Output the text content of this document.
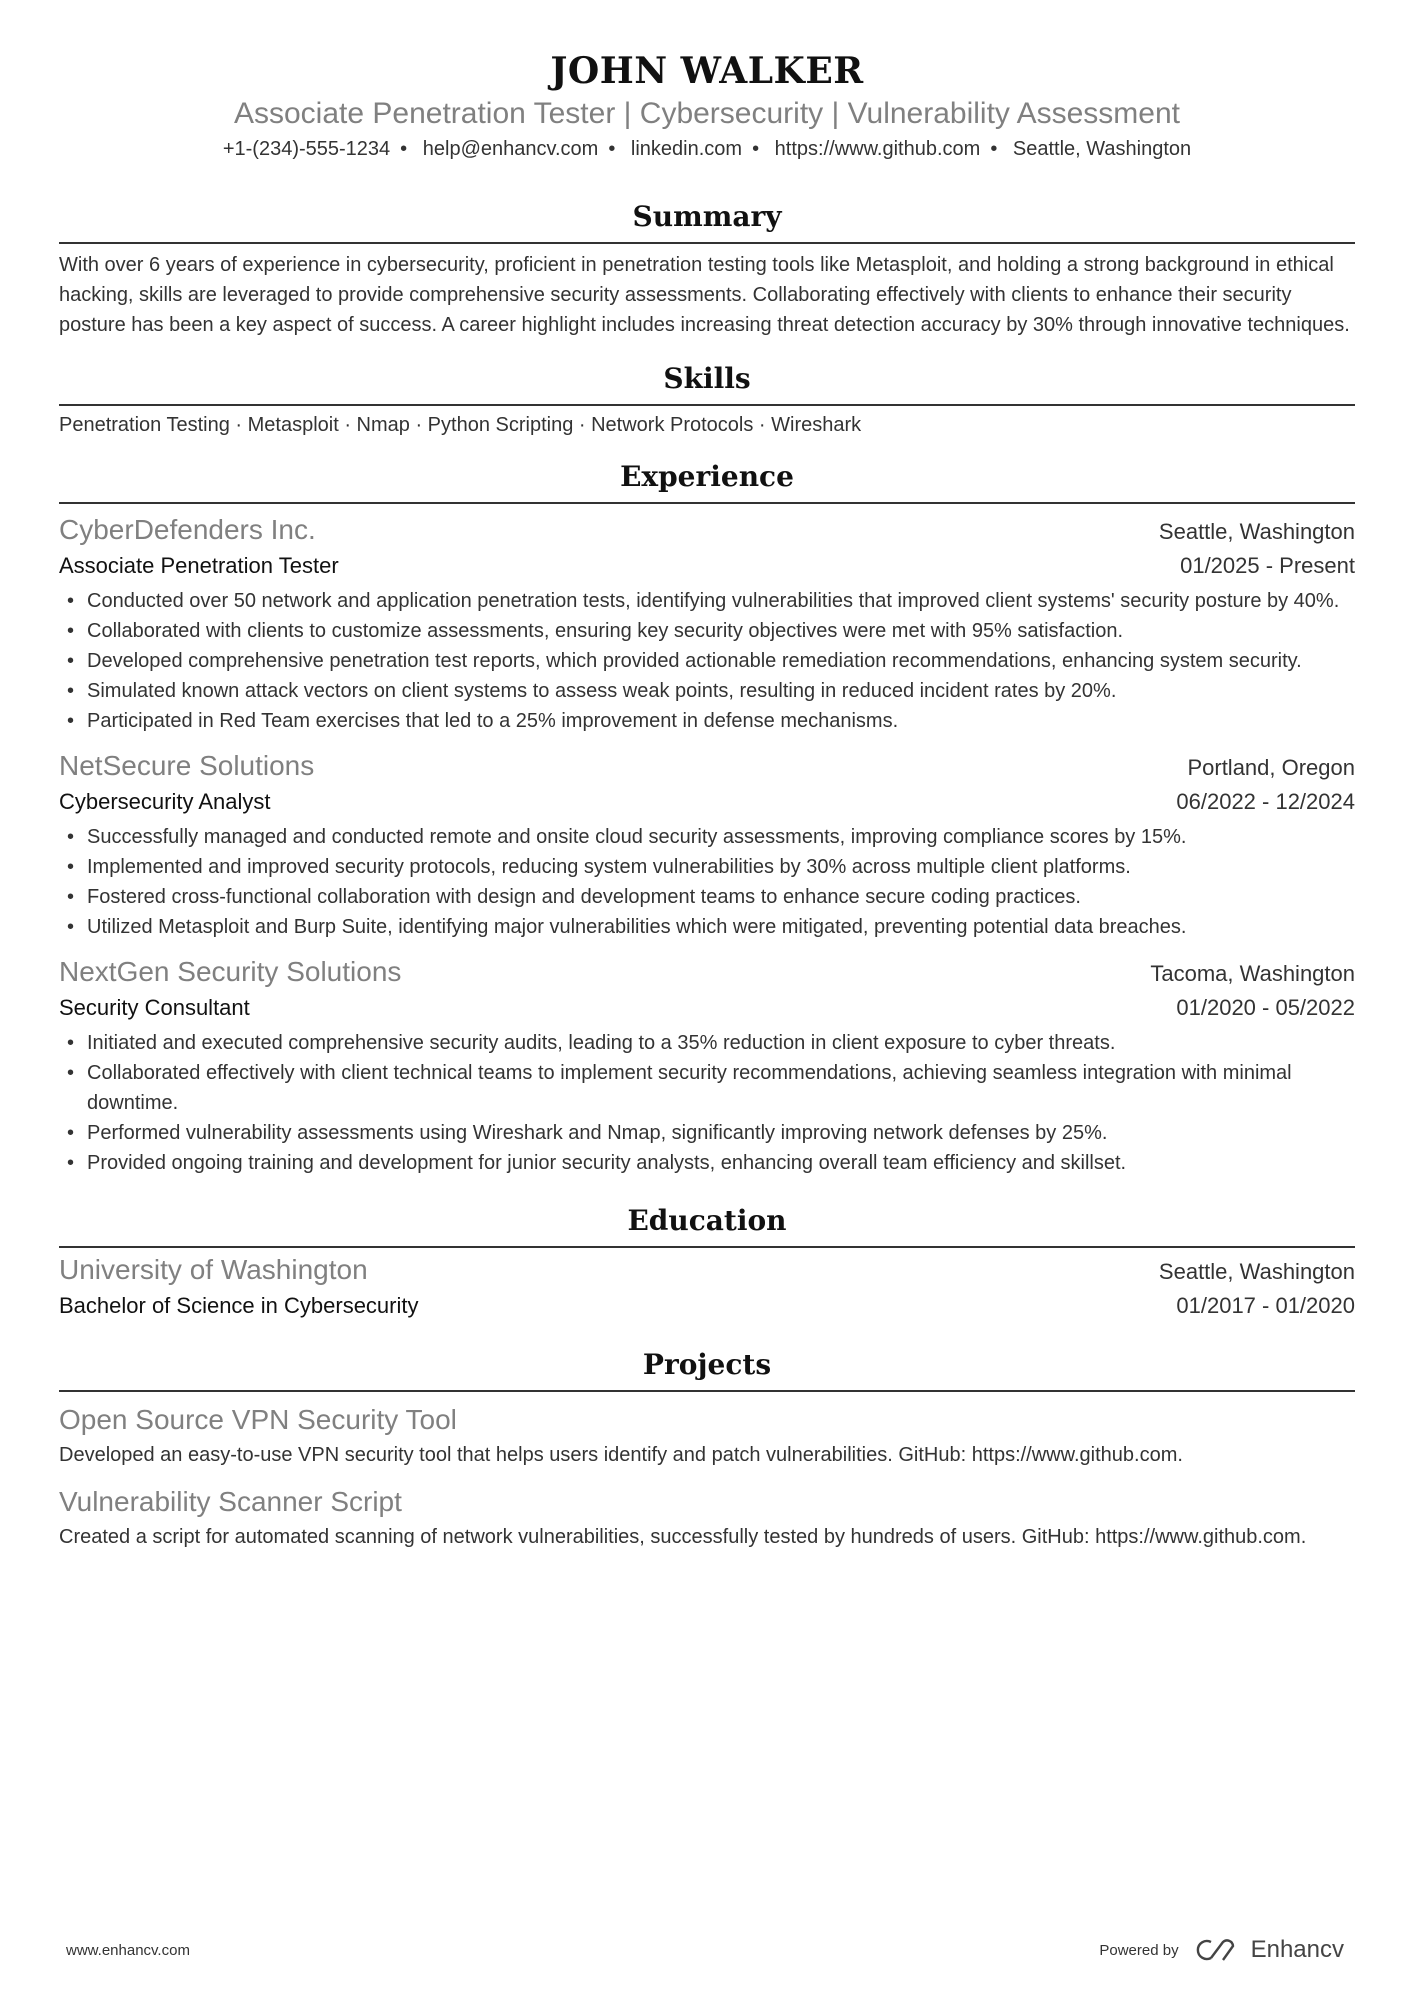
JOHN WALKER
Associate Penetration Tester | Cybersecurity | Vulnerability Assessment
+1-(234)-555-1234 • help@enhancv.com • linkedin.com • https://www.github.com • Seattle, Washington
Summary

With over 6 years of experience in cybersecurity, proficient in penetration testing tools like Metasploit, and holding a strong background in ethical hacking, skills are leveraged to provide comprehensive security assessments. Collaborating effectively with clients to enhance their security posture has been a key aspect of success. A career highlight includes increasing threat detection accuracy by 30% through innovative techniques.

Skills

Penetration Testing · Metasploit · Nmap · Python Scripting · Network Protocols · Wireshark

Experience
CyberDefenders Inc.	Seattle, Washington
Associate Penetration Tester	01/2025 - Present
• Conducted over 50 network and application penetration tests, identifying vulnerabilities that improved client systems' security posture by 40%.
• Collaborated with clients to customize assessments, ensuring key security objectives were met with 95% satisfaction.
• Developed comprehensive penetration test reports, which provided actionable remediation recommendations, enhancing system security.
• Simulated known attack vectors on client systems to assess weak points, resulting in reduced incident rates by 20%.
• Participated in Red Team exercises that led to a 25% improvement in defense mechanisms.
NetSecure Solutions	Portland, Oregon
Cybersecurity Analyst	06/2022 - 12/2024
• Successfully managed and conducted remote and onsite cloud security assessments, improving compliance scores by 15%.
• Implemented and improved security protocols, reducing system vulnerabilities by 30% across multiple client platforms.
• Fostered cross-functional collaboration with design and development teams to enhance secure coding practices.
• Utilized Metasploit and Burp Suite, identifying major vulnerabilities which were mitigated, preventing potential data breaches.
NextGen Security Solutions	Tacoma, Washington
Security Consultant	01/2020 - 05/2022
• Initiated and executed comprehensive security audits, leading to a 35% reduction in client exposure to cyber threats.
• Collaborated effectively with client technical teams to implement security recommendations, achieving seamless integration with minimal downtime.
• Performed vulnerability assessments using Wireshark and Nmap, significantly improving network defenses by 25%.
• Provided ongoing training and development for junior security analysts, enhancing overall team efficiency and skillset.
Education
University of Washington	Seattle, Washington
Bachelor of Science in Cybersecurity	01/2017 - 01/2020
Projects
Open Source VPN Security Tool

Developed an easy-to-use VPN security tool that helps users identify and patch vulnerabilities. GitHub: https://www.github.com.

Vulnerability Scanner Script

Created a script for automated scanning of network vulnerabilities, successfully tested by hundreds of users. GitHub: https://www.github.com.

www.enhancv.com	Powered by	Enhancv
